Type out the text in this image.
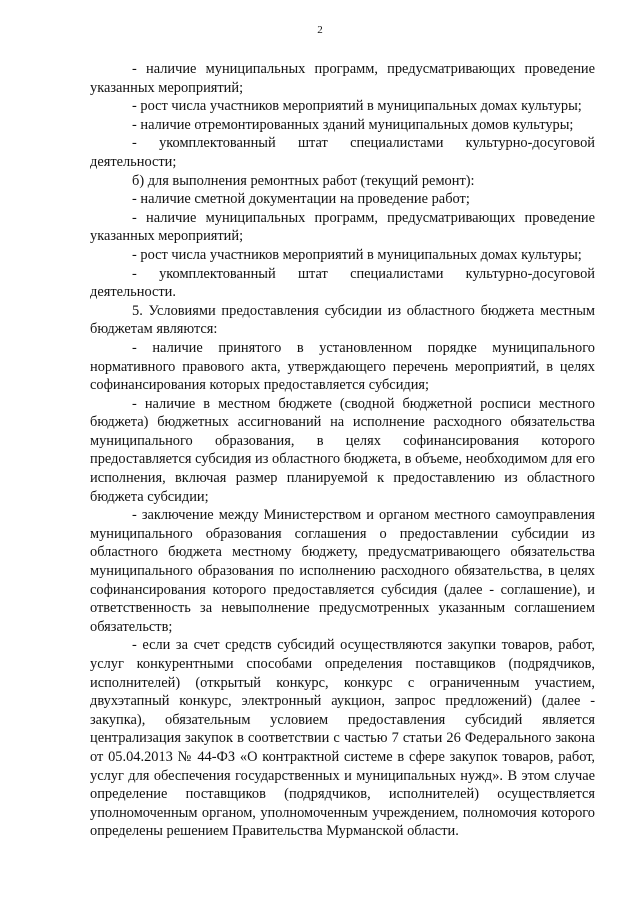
2

- наличие муниципальных программ, предусматривающих проведение указанных мероприятий;

- рост числа участников мероприятий в муниципальных домах культуры;

- наличие отремонтированных зданий муниципальных домов культуры;

- укомплектованный штат специалистами культурно-досуговой деятельности;

б) для выполнения ремонтных работ (текущий ремонт):

- наличие сметной документации на проведение работ;

- наличие муниципальных программ, предусматривающих проведение указанных мероприятий;

- рост числа участников мероприятий в муниципальных домах культуры;

- укомплектованный штат специалистами культурно-досуговой деятельности.

5. Условиями предоставления субсидии из областного бюджета местным бюджетам являются:

- наличие принятого в установленном порядке муниципального нормативного правового акта, утверждающего перечень мероприятий, в целях софинансирования которых предоставляется субсидия;

- наличие в местном бюджете (сводной бюджетной росписи местного бюджета) бюджетных ассигнований на исполнение расходного обязательства муниципального образования, в целях софинансирования которого предоставляется субсидия из областного бюджета, в объеме, необходимом для его исполнения, включая размер планируемой к предоставлению из областного бюджета субсидии;

- заключение между Министерством и органом местного самоуправления муниципального образования соглашения о предоставлении субсидии из областного бюджета местному бюджету, предусматривающего обязательства муниципального образования по исполнению расходного обязательства, в целях софинансирования которого предоставляется субсидия (далее - соглашение), и ответственность за невыполнение предусмотренных указанным соглашением обязательств;

- если за счет средств субсидий осуществляются закупки товаров, работ, услуг конкурентными способами определения поставщиков (подрядчиков, исполнителей) (открытый конкурс, конкурс с ограниченным участием, двухэтапный конкурс, электронный аукцион, запрос предложений) (далее - закупка), обязательным условием предоставления субсидий является централизация закупок в соответствии с частью 7 статьи 26 Федерального закона от 05.04.2013 № 44-ФЗ «О контрактной системе в сфере закупок товаров, работ, услуг для обеспечения государственных и муниципальных нужд». В этом случае определение поставщиков (подрядчиков, исполнителей) осуществляется уполномоченным органом, уполномоченным учреждением, полномочия которого определены решением Правительства Мурманской области.
